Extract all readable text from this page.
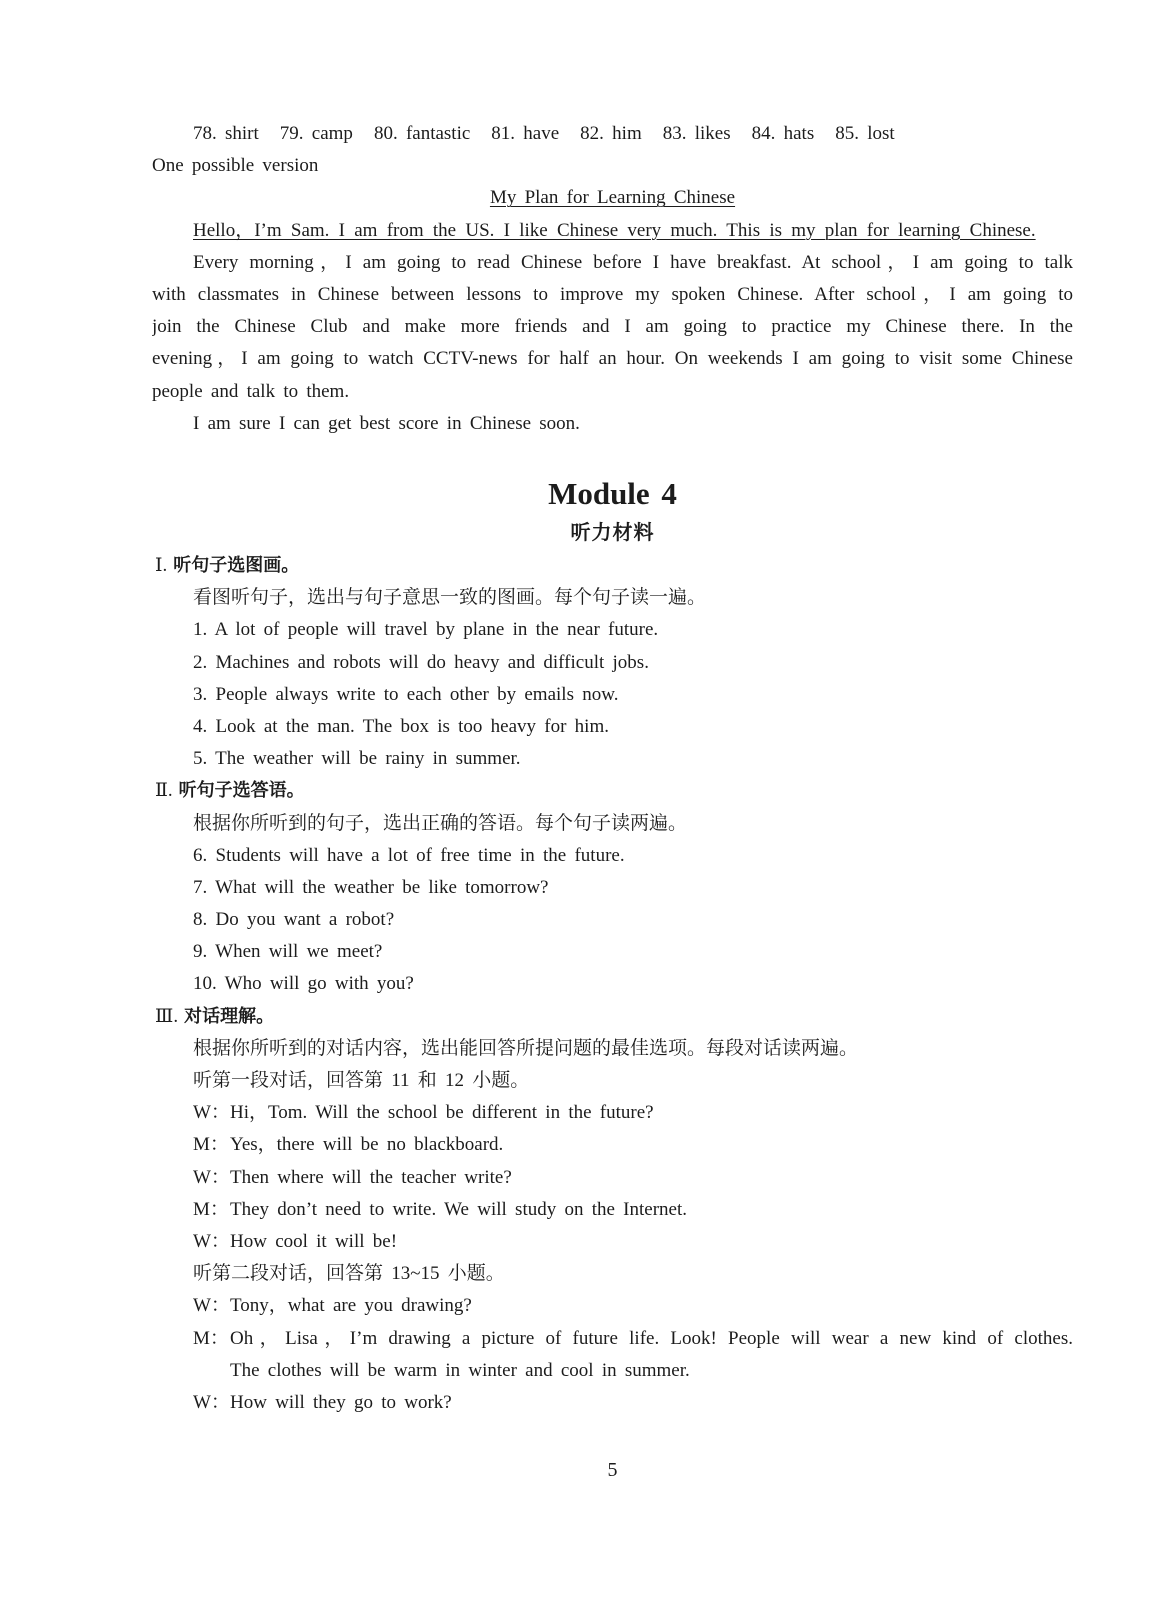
78. shirt 79. camp 80. fantastic 81. have 82. him 83. likes 84. hats 85. lost
One possible version
My Plan for Learning Chinese
Hello，I’m Sam. I am from the US. I like Chinese very much. This is my plan for learning Chinese.
Every morning，I am going to read Chinese before I have breakfast. At school，I am going to talk
with classmates in Chinese between lessons to improve my spoken Chinese. After school，I am going to
join the Chinese Club and make more friends and I am going to practice my Chinese there. In the
evening，I am going to watch CCTV-news for half an hour. On weekends I am going to visit some Chinese
people and talk to them.
I am sure I can get best score in Chinese soon.
Module 4
听力材料
Ⅰ. 听句子选图画。
看图听句子，选出与句子意思一致的图画。每个句子读一遍。
1. A lot of people will travel by plane in the near future.
2. Machines and robots will do heavy and difficult jobs.
3. People always write to each other by emails now.
4. Look at the man. The box is too heavy for him.
5. The weather will be rainy in summer.
Ⅱ. 听句子选答语。
根据你所听到的句子，选出正确的答语。每个句子读两遍。
6. Students will have a lot of free time in the future.
7. What will the weather be like tomorrow?
8. Do you want a robot?
9. When will we meet?
10. Who will go with you?
Ⅲ. 对话理解。
根据你所听到的对话内容，选出能回答所提问题的最佳选项。每段对话读两遍。
听第一段对话，回答第 11 和 12 小题。
W： Hi，Tom. Will the school be different in the future?
M： Yes，there will be no blackboard.
W： Then where will the teacher write?
M： They don’t need to write. We will study on the Internet.
W： How cool it will be!
听第二段对话，回答第 13~15 小题。
W： Tony，what are you drawing?
M： Oh，Lisa，I’m drawing a picture of future life. Look! People will wear a new kind of clothes.
The clothes will be warm in winter and cool in summer.
W： How will they go to work?
5
